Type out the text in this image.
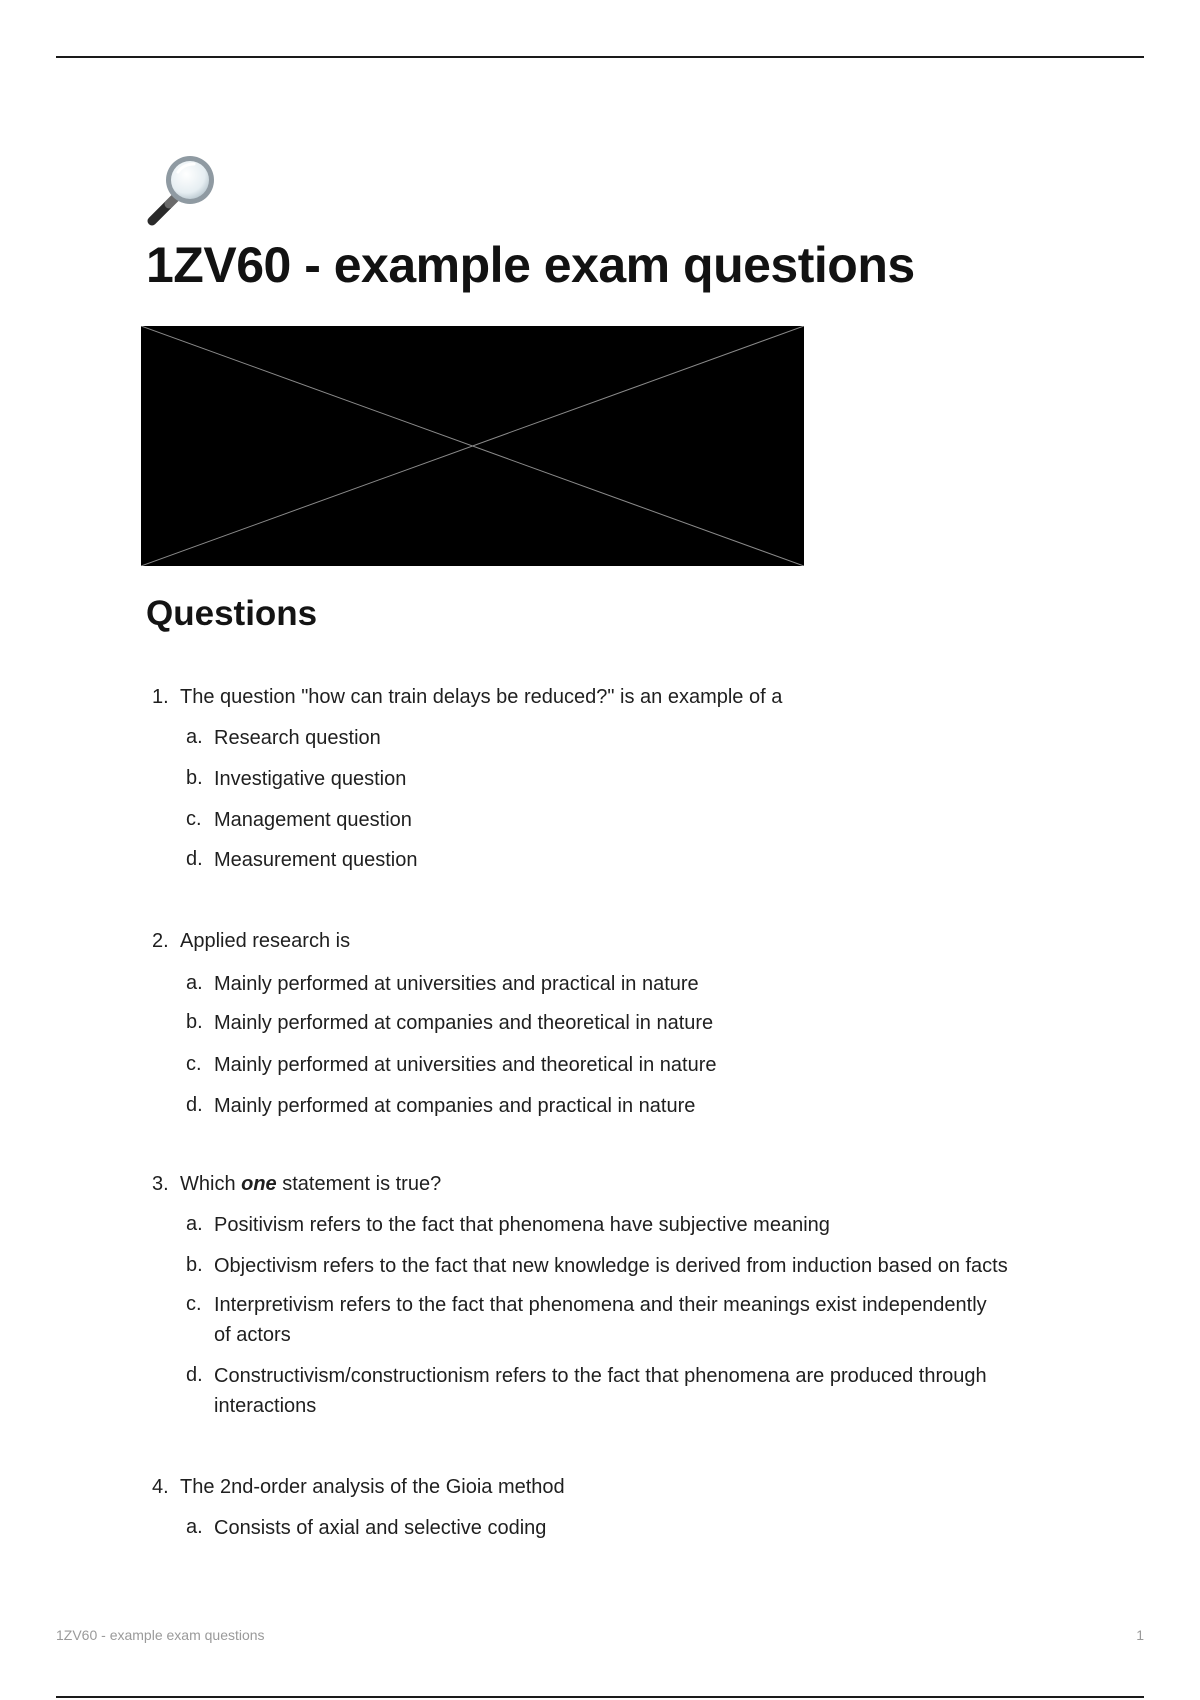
1ZV60 - example exam questions
Questions
1. The question "how can train delays be reduced?" is an example of a
a. Research question
b. Investigative question
c. Management question
d. Measurement question
2. Applied research is
a. Mainly performed at universities and practical in nature
b. Mainly performed at companies and theoretical in nature
c. Mainly performed at universities and theoretical in nature
d. Mainly performed at companies and practical in nature
3. Which one statement is true?
a. Positivism refers to the fact that phenomena have subjective meaning
b. Objectivism refers to the fact that new knowledge is derived from induction based on facts
c. Interpretivism refers to the fact that phenomena and their meanings exist independently of actors
d. Constructivism/constructionism refers to the fact that phenomena are produced through interactions
4. The 2nd-order analysis of the Gioia method
a. Consists of axial and selective coding
1ZV60 - example exam questions	1
